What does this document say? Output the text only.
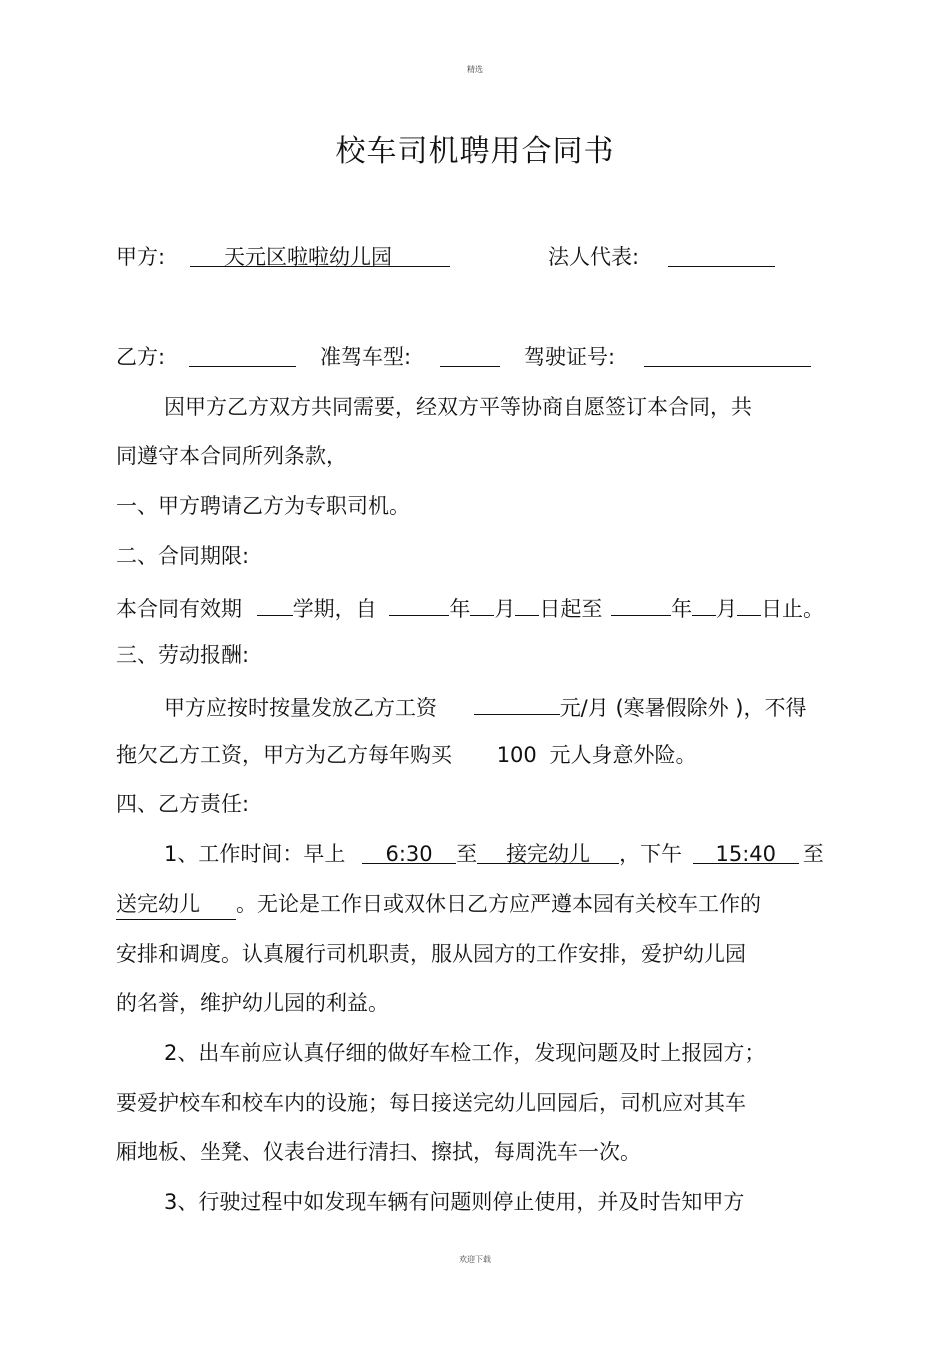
精选
校车司机聘用合同书
甲方:	天元区啦啦幼儿园	法人代表:
乙方:	准驾车型:	驾驶证号:
因甲方乙方双方共同需要，经双方平等协商自愿签订本合同，共
同遵守本合同所列条款，
一、甲方聘请乙方为专职司机。
二、合同期限:
本合同有效期 学期，自	年 月 日起至	年 月 日止。
三、劳动报酬:
甲方应按时按量发放乙方工资	元/月 (寒暑假除外 )，不得
拖欠乙方工资，甲方为乙方每年购买 100 元人身意外险。
四、乙方责任:
1、工作时间：早上 6:30 至 接完幼儿 ，下午 15:40 至
送完幼儿 。无论是工作日或双休日乙方应严遵本园有关校车工作的
安排和调度。认真履行司机职责，服从园方的工作安排，爱护幼儿园
的名誉，维护幼儿园的利益。
2、出车前应认真仔细的做好车检工作，发现问题及时上报园方；
要爱护校车和校车内的设施；每日接送完幼儿回园后，司机应对其车
厢地板、坐凳、仪表台进行清扫、擦拭，每周洗车一次。
3、行驶过程中如发现车辆有问题则停止使用，并及时告知甲方
欢迎下载
